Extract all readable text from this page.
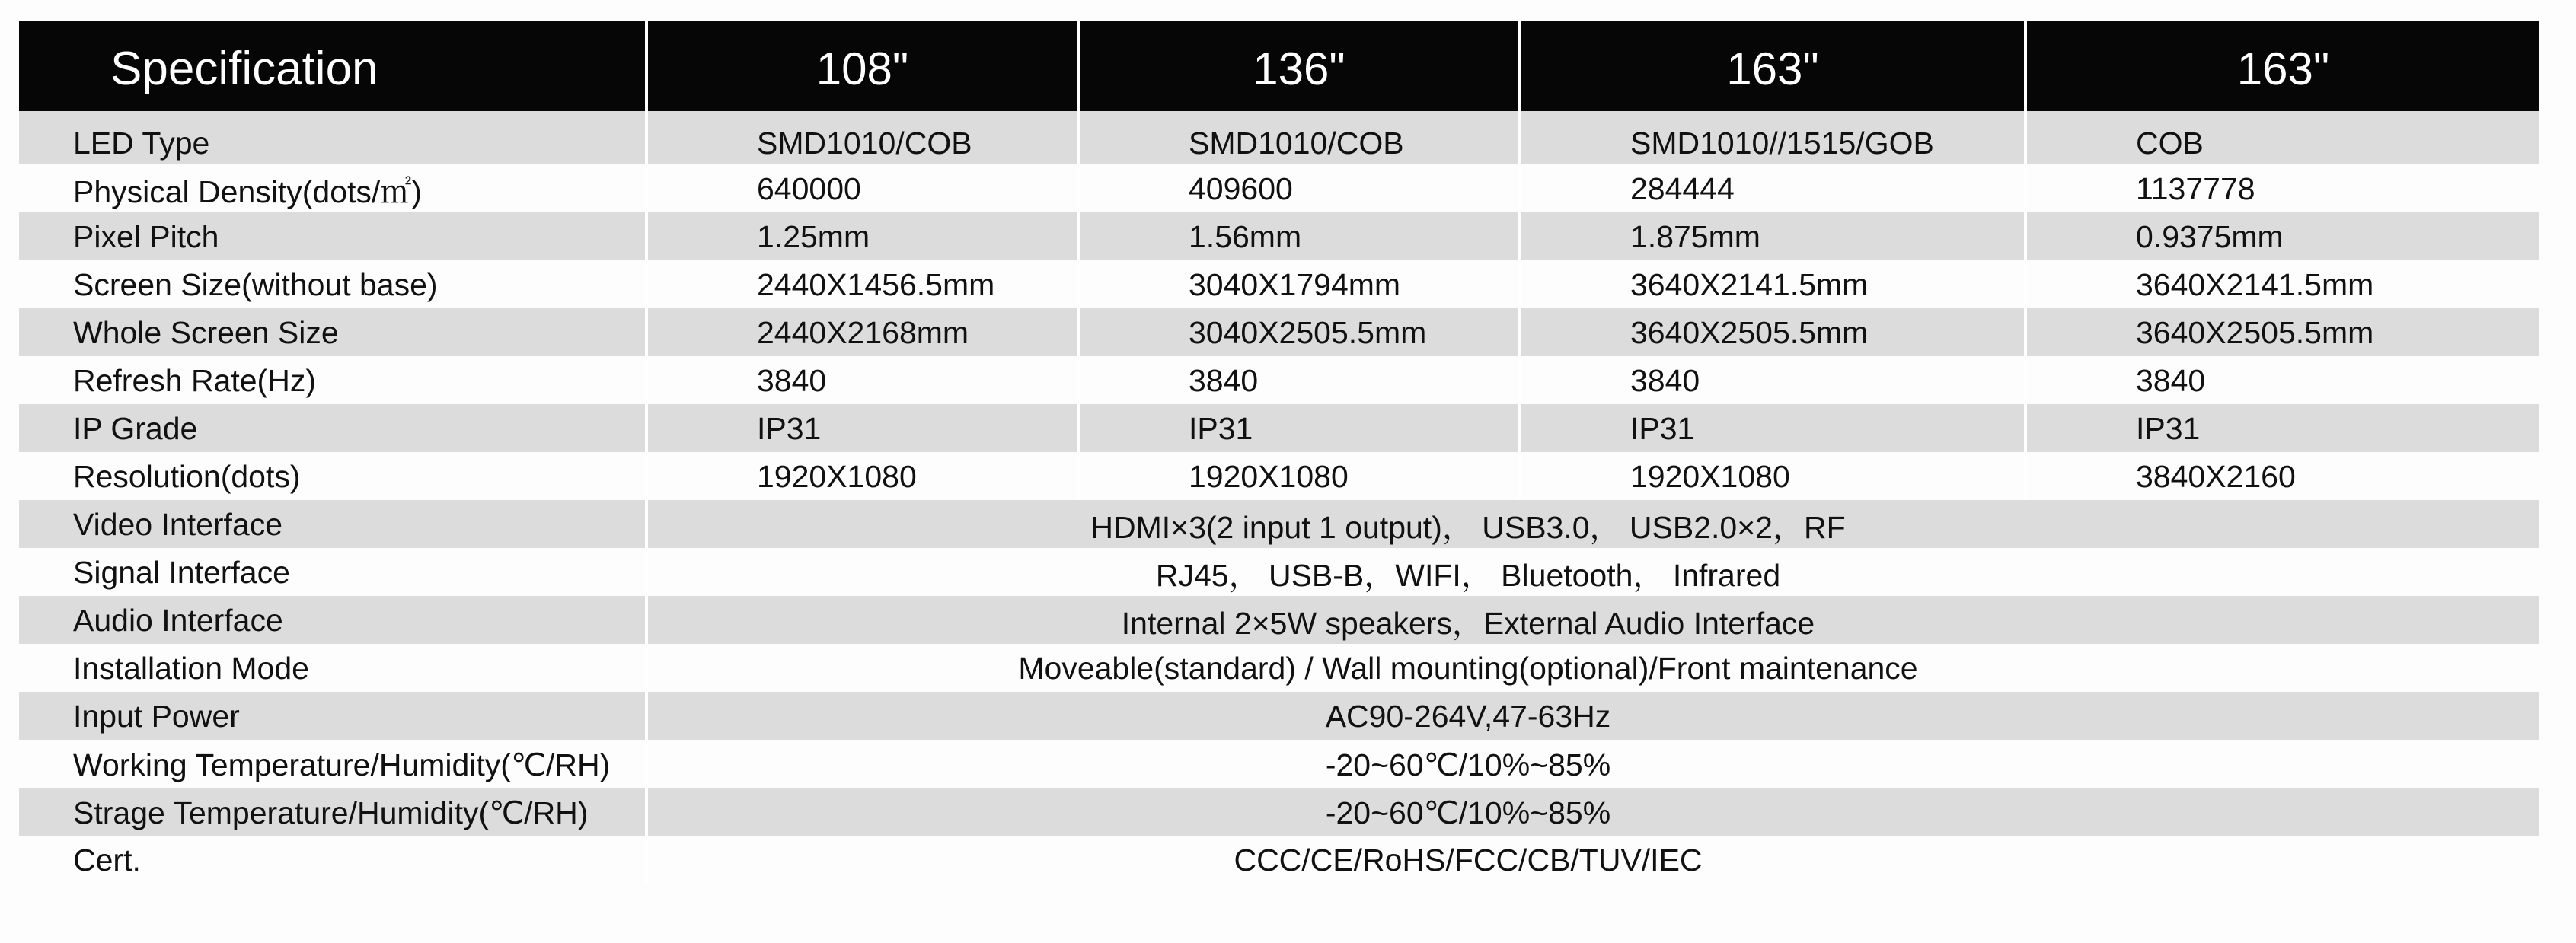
Specification	108"	136"	163"	163"
LED Type	SMD1010/COB	SMD1010/COB	SMD1010//1515/GOB	COB
Physical Density(dots/㎡)	640000	409600	284444	1137778
Pixel Pitch	1.25mm	1.56mm	1.875mm	0.9375mm
Screen Size(without base)	2440X1456.5mm	3040X1794mm	3640X2141.5mm	3640X2141.5mm
Whole Screen Size	2440X2168mm	3040X2505.5mm	3640X2505.5mm	3640X2505.5mm
Refresh Rate(Hz)	3840	3840	3840	3840
IP Grade	IP31	IP31	IP31	IP31
Resolution(dots)	1920X1080	1920X1080	1920X1080	3840X2160
Video Interface	HDMI×3(2 input 1 output)， USB3.0， USB2.0×2，RF			
Signal Interface	RJ45， USB-B，WIFI， Bluetooth， Infrared			
Audio Interface	Internal 2×5W speakers，External Audio Interface			
Installation Mode	Moveable(standard) / Wall mounting(optional)/Front maintenance			
Input Power	AC90-264V,47-63Hz			
Working Temperature/Humidity(℃/RH)	-20~60℃/10%~85%			
Strage Temperature/Humidity(℃/RH)	-20~60℃/10%~85%			
Cert.	CCC/CE/RoHS/FCC/CB/TUV/IEC			
